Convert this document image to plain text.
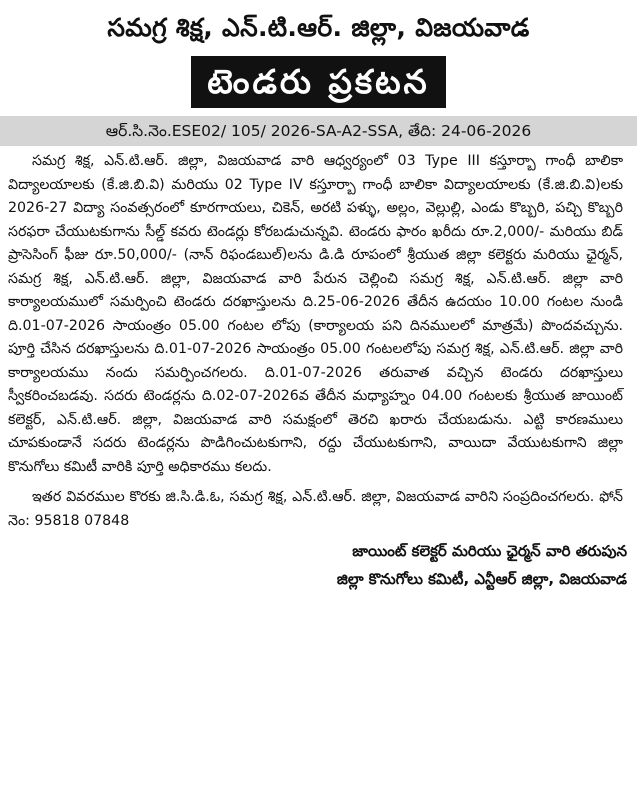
సమగ్ర శిక్ష, ఎన్.టి.ఆర్. జిల్లా, విజయవాడ
టెండరు ప్రకటన
ఆర్.సి.నెం.ESE02/ 105/ 2026-SA-A2-SSA, తేది: 24-06-2026

సమగ్ర శిక్ష, ఎన్.టి.ఆర్. జిల్లా, విజయవాడ వారి ఆధ్వర్యంలో 03 Type III కస్తూర్బా గాంధీ బాలికా విద్యాలయాలకు (కే.జి.బి.వి) మరియు 02 Type IV కస్తూర్బా గాంధీ బాలికా విద్యాలయాలకు (కే.జి.బి.వి)లకు 2026-27 విద్యా సంవత్సరంలో కూరగాయలు, చికెన్, అరటి పళ్ళు, అల్లం, వెల్లుల్లి, ఎండు కొబ్బరి, పచ్చి కొబ్బరి సరఫరా చేయుటకుగాను సీల్డ్ కవరు టెండర్లు కోరబడుచున్నవి. టెండరు ఫారం ఖరీదు రూ.2,000/- మరియు బిడ్ ప్రాసెసింగ్ ఫీజు రూ.50,000/- (నాన్ రిఫండబుల్)లను డి.డి రూపంలో శ్రీయుత జిల్లా కలెక్టరు మరియు ఛైర్మన్, సమగ్ర శిక్ష, ఎన్.టి.ఆర్. జిల్లా, విజయవాడ వారి పేరున చెల్లించి సమగ్ర శిక్ష, ఎన్.టి.ఆర్. జిల్లా వారి కార్యాలయములో సమర్పించి టెండరు దరఖాస్తులను ది.25-06-2026 తేదీన ఉదయం 10.00 గంటల నుండి ది.01-07-2026 సాయంత్రం 05.00 గంటల లోపు (కార్యాలయ పని దినములలో మాత్రమే) పొందవచ్చును. పూర్తి చేసిన దరఖాస్తులను ది.01-07-2026 సాయంత్రం 05.00 గంటలలోపు సమగ్ర శిక్ష, ఎన్.టి.ఆర్. జిల్లా వారి కార్యాలయము నందు సమర్పించగలరు. ది.01-07-2026 తరువాత వచ్చిన టెండరు దరఖాస్తులు స్వీకరించబడవు. సదరు టెండర్లను ది.02-07-2026వ తేదీన మధ్యాహ్నం 04.00 గంటలకు శ్రీయుత జాయింట్ కలెక్టర్, ఎన్.టి.ఆర్. జిల్లా, విజయవాడ వారి సమక్షంలో తెరచి ఖరారు చేయబడును. ఎట్టి కారణములు చూపకుండానే సదరు టెండర్లను పొడిగించుటకుగాని, రద్దు చేయుటకుగాని, వాయిదా వేయుటకుగాని జిల్లా కొనుగోలు కమిటీ వారికి పూర్తి అధికారము కలదు.

ఇతర వివరముల కొరకు జి.సి.డి.ఓ, సమగ్ర శిక్ష, ఎన్.టి.ఆర్. జిల్లా, విజయవాడ వారిని సంప్రదించగలరు. ఫోన్ నెం: 95818 07848

జాయింట్ కలెక్టర్ మరియు ఛైర్మన్ వారి తరుపున
జిల్లా కొనుగోలు కమిటీ, ఎన్టీఆర్ జిల్లా, విజయవాడ
